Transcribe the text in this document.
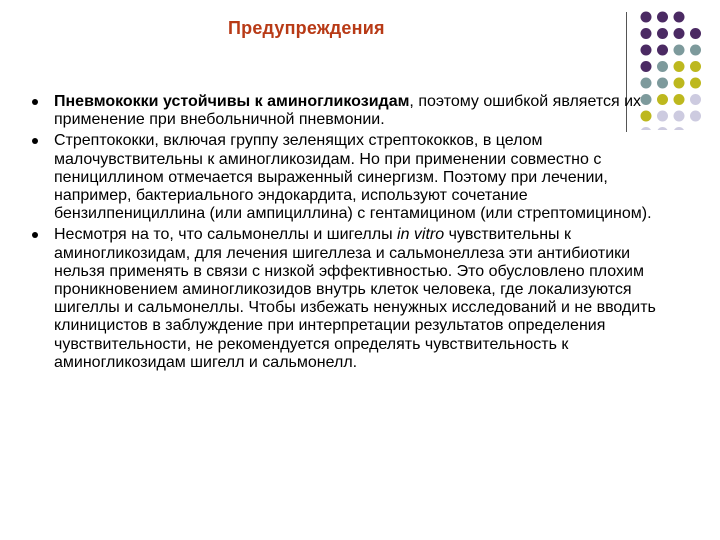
Предупреждения
Пневмококки устойчивы к аминогликозидам, поэтому ошибкой является их применение при внебольничной пневмонии.
Стрептококки, включая группу зеленящих стрептококков, в целом малочувствительны к аминогликозидам. Но при применении совместно с пенициллином отмечается выраженный синергизм. Поэтому при лечении, например, бактериального эндокардита, используют сочетание бензилпенициллина (или ампициллина) с гентамицином (или стрептомицином).
Несмотря на то, что сальмонеллы и шигеллы in vitro чувствительны к аминогликозидам, для лечения шигеллеза и сальмонеллеза эти антибиотики нельзя применять в связи с низкой эффективностью. Это обусловлено плохим проникновением аминогликозидов внутрь клеток человека, где локализуются шигеллы и сальмонеллы. Чтобы избежать ненужных исследований и не вводить клиницистов в заблуждение при интерпретации результатов определения чувствительности, не рекомендуется определять чувствительность к аминогликозидам шигелл и сальмонелл.
